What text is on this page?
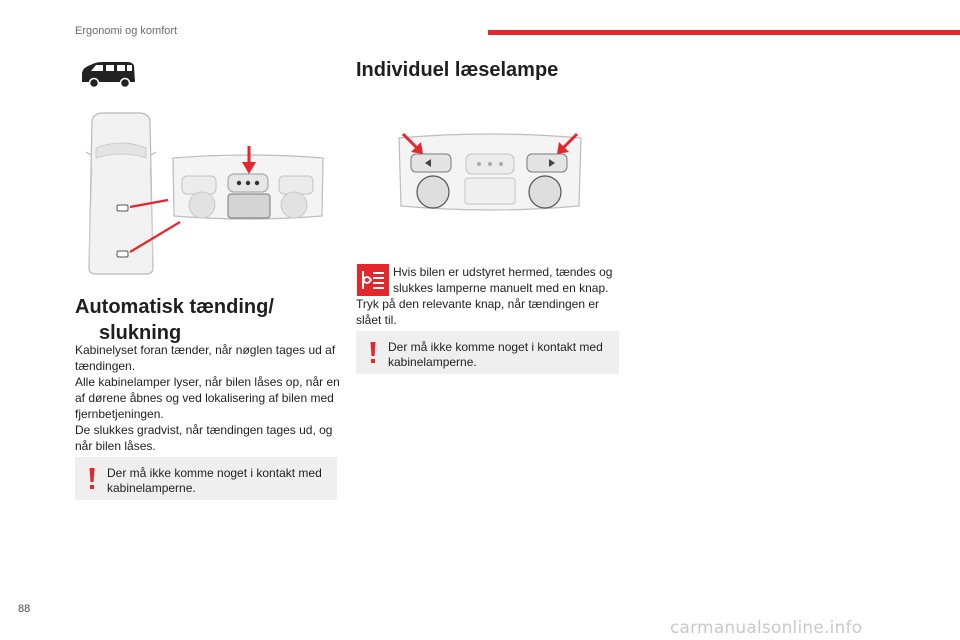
Ergonomi og komfort
Automatisk tænding/
slukning

Kabinelyset foran tænder, når nøglen tages ud af tændingen.

Alle kabinelamper lyser, når bilen låses op, når en af dørene åbnes og ved lokalisering af bilen med fjernbetjeningen.

De slukkes gradvist, når tændingen tages ud, og når bilen låses.

Der må ikke komme noget i kontakt med kabinelamperne.
Individuel læselampe

Hvis bilen er udstyret hermed, tændes og slukkes lamperne manuelt med en knap.

Tryk på den relevante knap, når tændingen er slået til.

Der må ikke komme noget i kontakt med kabinelamperne.
88
carmanualsonline.info
